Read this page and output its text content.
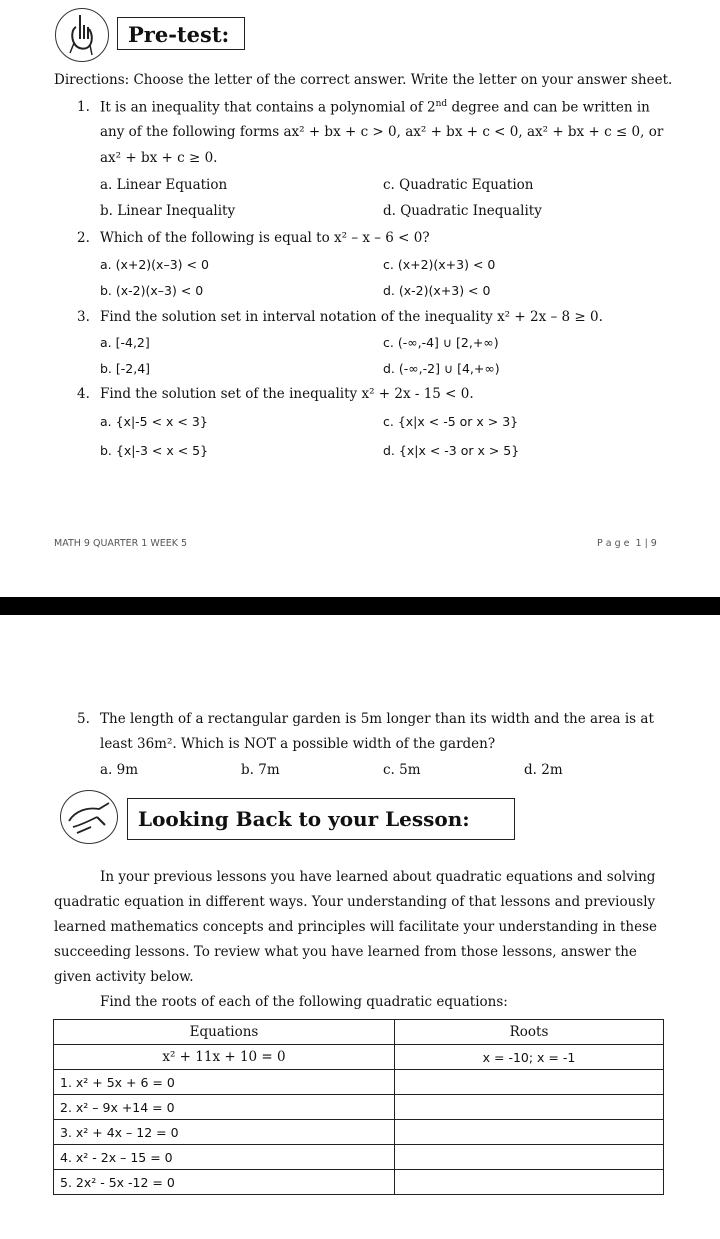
Pre-test:
Directions: Choose the letter of the correct answer. Write the letter on your answer sheet.
1. It is an inequality that contains a polynomial of 2nd degree and can be written in
any of the following forms ax² + bx + c > 0, ax² + bx + c < 0, ax² + bx + c ≤ 0, or
ax² + bx + c ≥ 0.
a. Linear Equation	c. Quadratic Equation
b. Linear Inequality	d. Quadratic Inequality
2. Which of the following is equal to x² – x – 6 < 0?
a. (x+2)(x–3) < 0	c. (x+2)(x+3) < 0
b. (x-2)(x–3) < 0	d. (x-2)(x+3) < 0
3. Find the solution set in interval notation of the inequality x² + 2x – 8 ≥ 0.
a. [-4,2]	c. (-∞,-4] ∪ [2,+∞)
b. [-2,4]	d. (-∞,-2] ∪ [4,+∞)
4. Find the solution set of the inequality x² + 2x - 15 < 0.
a. {x|-5 < x < 3}	c. {x|x < -5 or x > 3}
b. {x|-3 < x < 5}	d. {x|x < -3 or x > 5}
MATH 9 QUARTER 1 WEEK 5	P a g e  1 | 9
5. The length of a rectangular garden is 5m longer than its width and the area is at
least 36m². Which is NOT a possible width of the garden?
a. 9m	b. 7m	c. 5m	d. 2m
Looking Back to your Lesson:
In your previous lessons you have learned about quadratic equations and solving
quadratic equation in different ways. Your understanding of that lessons and previously
learned mathematics concepts and principles will facilitate your understanding in these
succeeding lessons. To review what you have learned from those lessons, answer the
given activity below.
Find the roots of each of the following quadratic equations:
Equations	Roots
x² + 11x + 10 = 0	x = -10; x = -1
1. x² + 5x + 6 = 0	
2. x² – 9x +14 = 0	
3. x² + 4x – 12 = 0	
4. x² - 2x – 15 = 0	
5. 2x² - 5x -12 = 0	
